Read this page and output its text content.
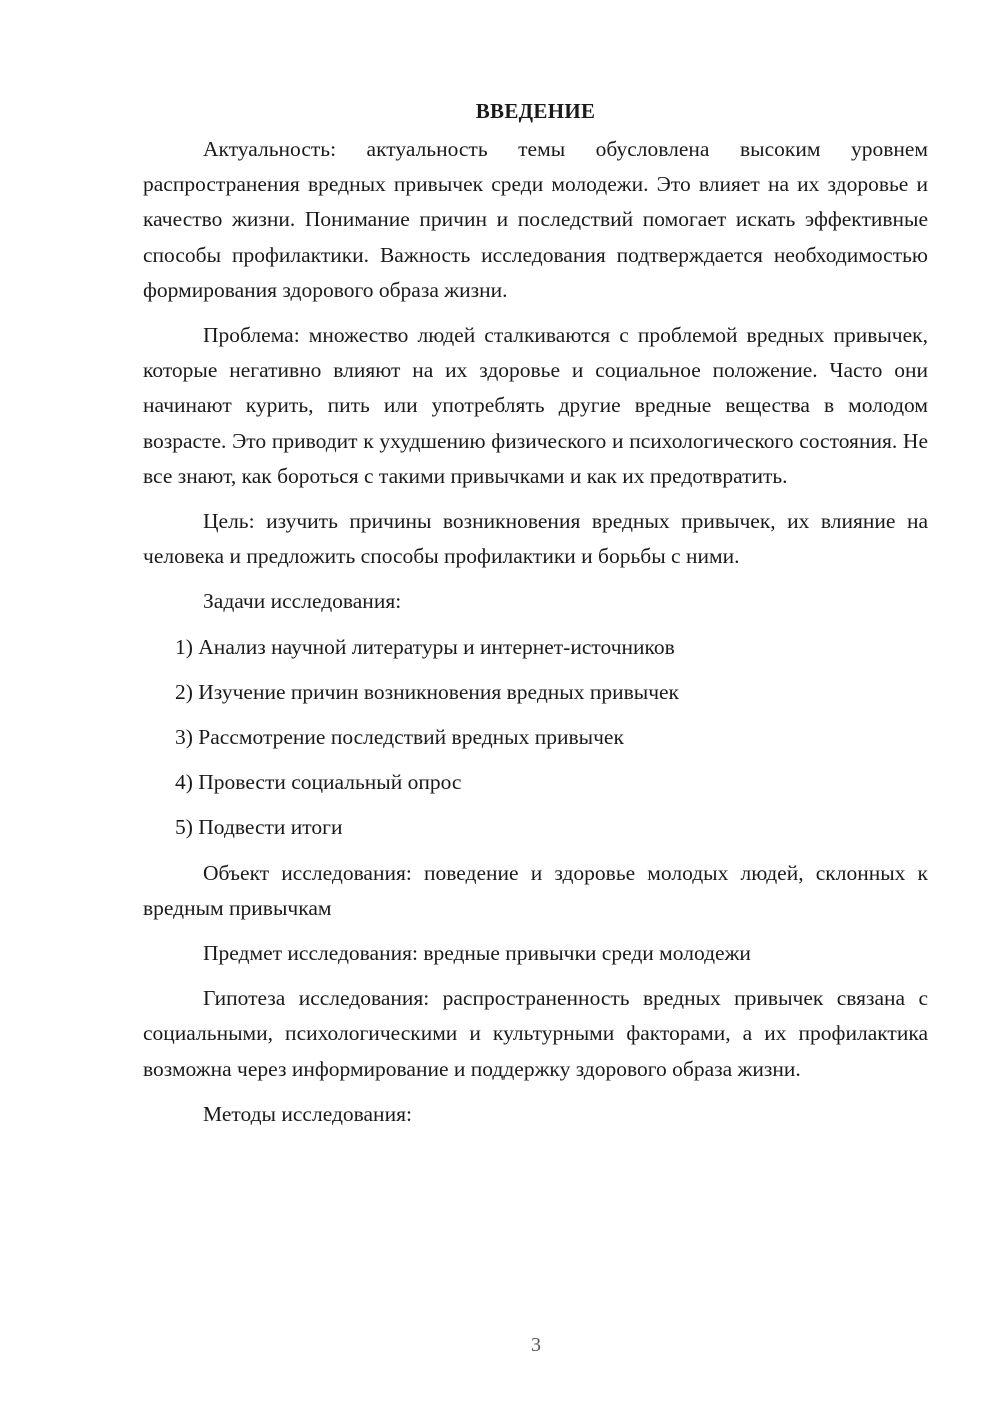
ВВЕДЕНИЕ

Актуальность: актуальность темы обусловлена высоким уровнем распространения вредных привычек среди молодежи. Это влияет на их здоровье и качество жизни. Понимание причин и последствий помогает искать эффективные способы профилактики. Важность исследования подтверждается необходимостью формирования здорового образа жизни.

Проблема: множество людей сталкиваются с проблемой вредных привычек, которые негативно влияют на их здоровье и социальное положение. Часто они начинают курить, пить или употреблять другие вредные вещества в молодом возрасте. Это приводит к ухудшению физического и психологического состояния. Не все знают, как бороться с такими привычками и как их предотвратить.

Цель: изучить причины возникновения вредных привычек, их влияние на человека и предложить способы профилактики и борьбы с ними.

Задачи исследования:

1) Анализ научной литературы и интернет-источников
2) Изучение причин возникновения вредных привычек
3) Рассмотрение последствий вредных привычек
4) Провести социальный опрос
5) Подвести итоги

Объект исследования: поведение и здоровье молодых людей, склонных к вредным привычкам

Предмет исследования: вредные привычки среди молодежи

Гипотеза исследования: распространенность вредных привычек связана с социальными, психологическими и культурными факторами, а их профилактика возможна через информирование и поддержку здорового образа жизни.

Методы исследования:

3
